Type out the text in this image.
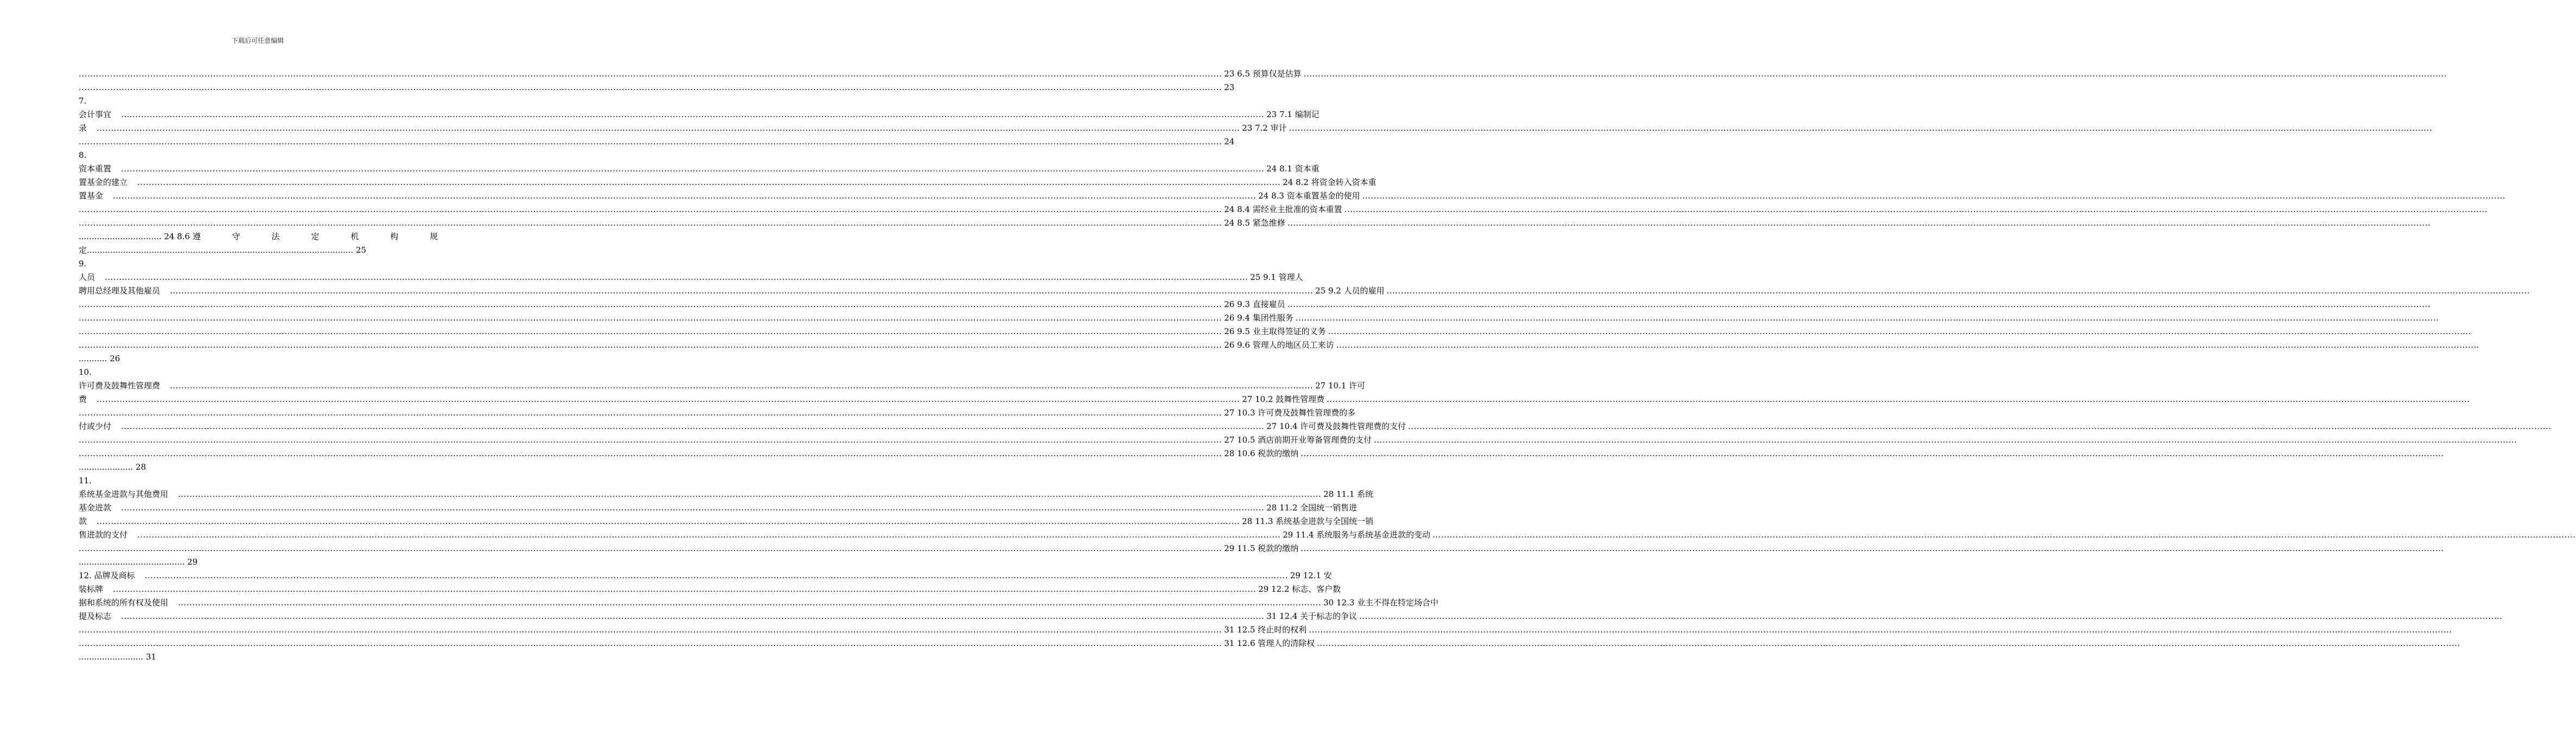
下载后可任意编辑
................................................................................................................................................................................................................................................................................................................................................................................................................ 23 6.5 预算仅是估算 ................................................................................................................................................................................................................................................................................................................................................................................................................
................................................................................................................................................................................................................................................................................................................................................................................................................ 23
7.
会计事宜 ................................................................................................................................................................................................................................................................................................................................................................................................................ 23 7.1 编制记
录 ................................................................................................................................................................................................................................................................................................................................................................................................................ 23 7.2 审计 ................................................................................................................................................................................................................................................................................................................................................................................................................
................................................................................................................................................................................................................................................................................................................................................................................................................ 24
8.
资本重置 ................................................................................................................................................................................................................................................................................................................................................................................................................ 24 8.1 资本重
置基金的建立 ................................................................................................................................................................................................................................................................................................................................................................................................................ 24 8.2 将资金转入资本重
置基金 ................................................................................................................................................................................................................................................................................................................................................................................................................ 24 8.3 资本重置基金的使用 ................................................................................................................................................................................................................................................................................................................................................................................................................
................................................................................................................................................................................................................................................................................................................................................................................................................ 24 8.4 需经业主批准的资本重置 ................................................................................................................................................................................................................................................................................................................................................................................................................
................................................................................................................................................................................................................................................................................................................................................................................................................ 24 8.5 紧急维修 ................................................................................................................................................................................................................................................................................................................................................................................................................
................................ 24 8.6 遵	守	法	定	机	构	规
定....................................................................................................... 25
9.
人员 ................................................................................................................................................................................................................................................................................................................................................................................................................ 25 9.1 管理人
聘用总经理及其他雇员 ................................................................................................................................................................................................................................................................................................................................................................................................................ 25 9.2 人员的雇用 ................................................................................................................................................................................................................................................................................................................................................................................................................
................................................................................................................................................................................................................................................................................................................................................................................................................ 26 9.3 直接雇员 ................................................................................................................................................................................................................................................................................................................................................................................................................
................................................................................................................................................................................................................................................................................................................................................................................................................ 26 9.4 集团性服务 ................................................................................................................................................................................................................................................................................................................................................................................................................
................................................................................................................................................................................................................................................................................................................................................................................................................ 26 9.5 业主取得签证的义务 ................................................................................................................................................................................................................................................................................................................................................................................................................
................................................................................................................................................................................................................................................................................................................................................................................................................ 26 9.6 管理人的地区员工来访 ................................................................................................................................................................................................................................................................................................................................................................................................................
........... 26
10.
许可费及鼓舞性管理费 ................................................................................................................................................................................................................................................................................................................................................................................................................ 27 10.1 许可
费 ................................................................................................................................................................................................................................................................................................................................................................................................................ 27 10.2 鼓舞性管理费 ................................................................................................................................................................................................................................................................................................................................................................................................................
................................................................................................................................................................................................................................................................................................................................................................................................................ 27 10.3 许可费及鼓舞性管理费的多
付或少付 ................................................................................................................................................................................................................................................................................................................................................................................................................ 27 10.4 许可费及鼓舞性管理费的支付 ................................................................................................................................................................................................................................................................................................................................................................................................................
................................................................................................................................................................................................................................................................................................................................................................................................................ 27 10.5 酒店前期开业筹备管理费的支付 ................................................................................................................................................................................................................................................................................................................................................................................................................
................................................................................................................................................................................................................................................................................................................................................................................................................ 28 10.6 税款的缴纳 ................................................................................................................................................................................................................................................................................................................................................................................................................
..................... 28
11.
系统基金进款与其他费用 ................................................................................................................................................................................................................................................................................................................................................................................................................ 28 11.1 系统
基金进款 ................................................................................................................................................................................................................................................................................................................................................................................................................ 28 11.2 全国统一销售进
款 ................................................................................................................................................................................................................................................................................................................................................................................................................ 28 11.3 系统基金进款与全国统一销
售进款的支付 ................................................................................................................................................................................................................................................................................................................................................................................................................ 29 11.4 系统服务与系统基金进款的变动 ................................................................................................................................................................................................................................................................................................................................................................................................................
................................................................................................................................................................................................................................................................................................................................................................................................................ 29 11.5 税款的缴纳 ................................................................................................................................................................................................................................................................................................................................................................................................................
......................................... 29
12. 品牌及商标 ................................................................................................................................................................................................................................................................................................................................................................................................................ 29 12.1 安
装标牌 ................................................................................................................................................................................................................................................................................................................................................................................................................ 29 12.2 标志、客户数
据和系统的所有权及使用 ................................................................................................................................................................................................................................................................................................................................................................................................................ 30 12.3 业主不得在特定场合中
提及标志 ................................................................................................................................................................................................................................................................................................................................................................................................................ 31 12.4 关于标志的争议 ................................................................................................................................................................................................................................................................................................................................................................................................................
................................................................................................................................................................................................................................................................................................................................................................................................................ 31 12.5 终止时的权利 ................................................................................................................................................................................................................................................................................................................................................................................................................
................................................................................................................................................................................................................................................................................................................................................................................................................ 31 12.6 管理人的清除权 ................................................................................................................................................................................................................................................................................................................................................................................................................
......................... 31
